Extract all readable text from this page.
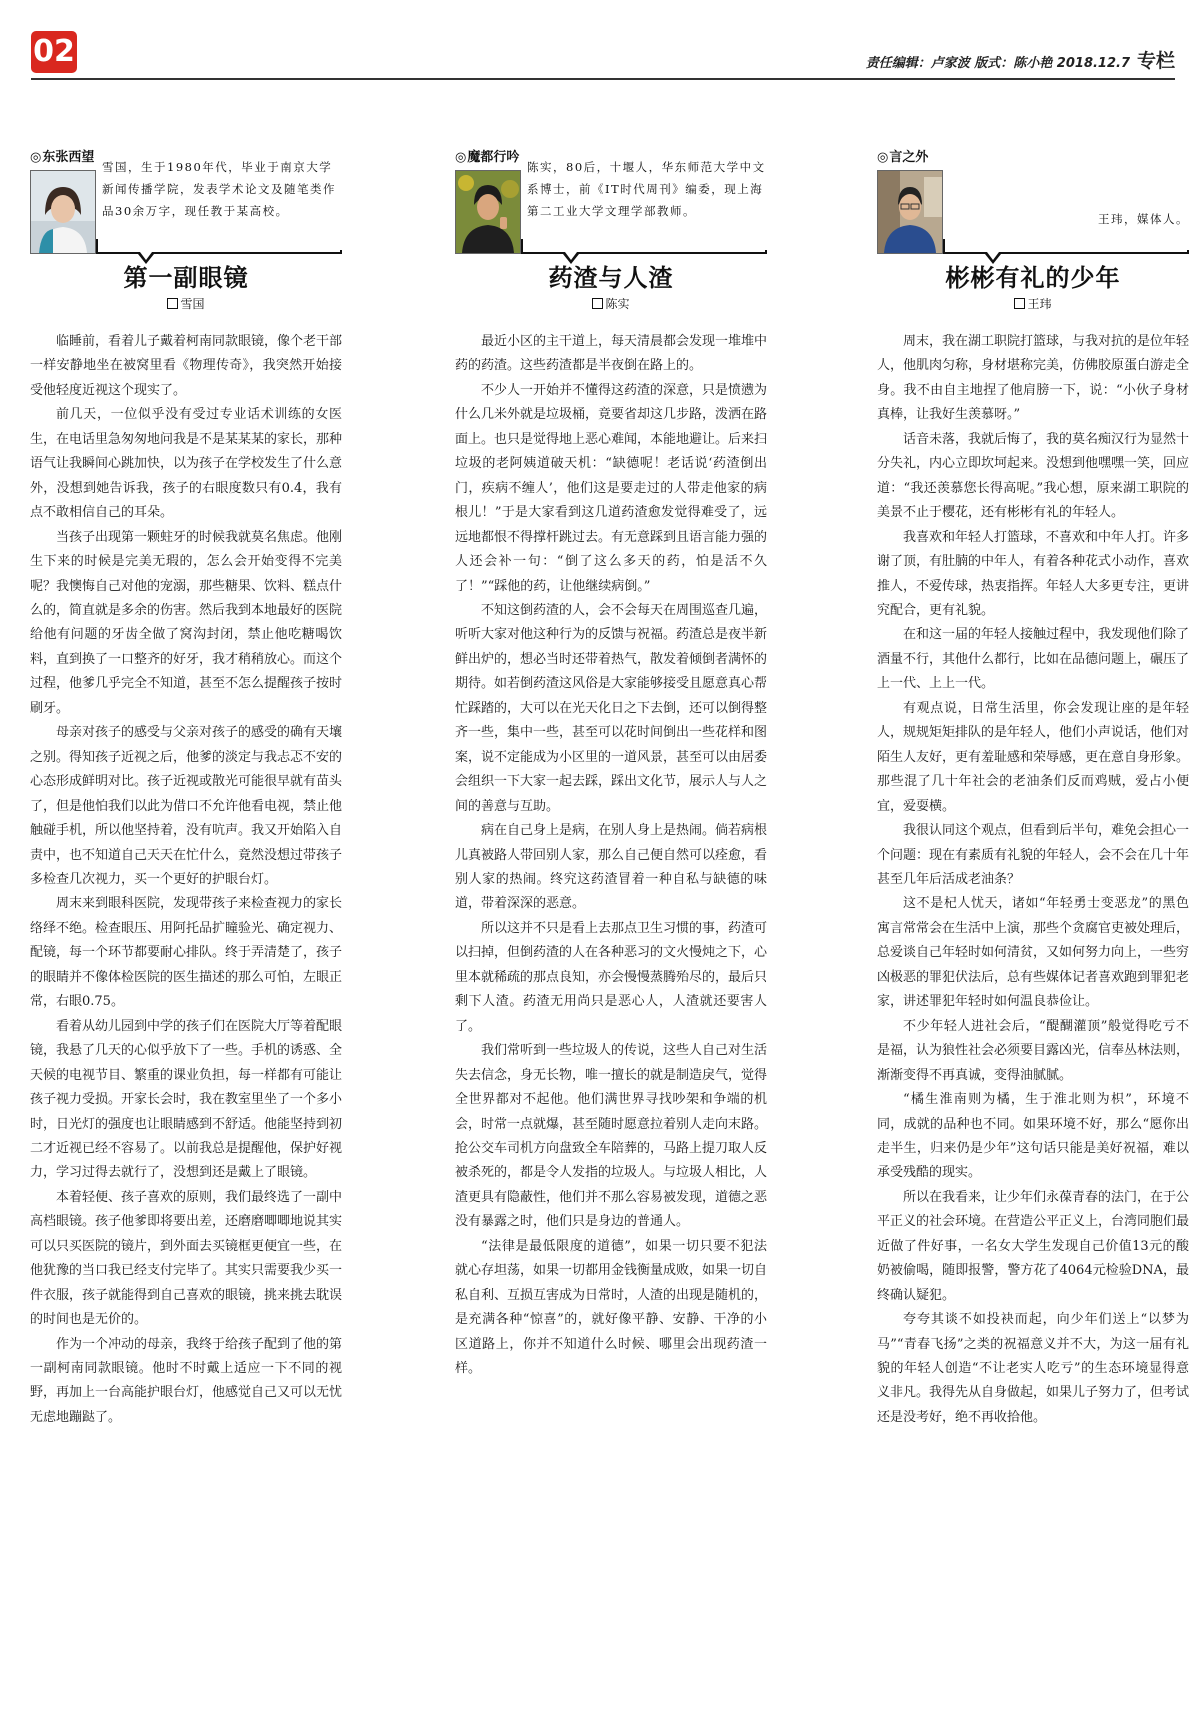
02	责任编辑：卢家波 版式：陈小艳 2018.12.7 专栏
◎东张西望
雪国，生于1980年代，毕业于南京大学新闻传播学院，发表学术论文及随笔类作品30余万字，现任教于某高校。
第一副眼镜
雪国

临睡前，看着儿子戴着柯南同款眼镜，像个老干部一样安静地坐在被窝里看《物理传奇》，我突然开始接受他轻度近视这个现实了。

前几天，一位似乎没有受过专业话术训练的女医生，在电话里急匆匆地问我是不是某某某的家长，那种语气让我瞬间心跳加快，以为孩子在学校发生了什么意外，没想到她告诉我，孩子的右眼度数只有0.4，我有点不敢相信自己的耳朵。

当孩子出现第一颗蛀牙的时候我就莫名焦虑。他刚生下来的时候是完美无瑕的，怎么会开始变得不完美呢？我懊悔自己对他的宠溺，那些糖果、饮料、糕点什么的，简直就是多余的伤害。然后我到本地最好的医院给他有问题的牙齿全做了窝沟封闭，禁止他吃糖喝饮料，直到换了一口整齐的好牙，我才稍稍放心。而这个过程，他爹几乎完全不知道，甚至不怎么提醒孩子按时刷牙。

母亲对孩子的感受与父亲对孩子的感受的确有天壤之别。得知孩子近视之后，他爹的淡定与我忐忑不安的心态形成鲜明对比。孩子近视或散光可能很早就有苗头了，但是他怕我们以此为借口不允许他看电视，禁止他触碰手机，所以他坚持着，没有吭声。我又开始陷入自责中，也不知道自己天天在忙什么，竟然没想过带孩子多检查几次视力，买一个更好的护眼台灯。

周末来到眼科医院，发现带孩子来检查视力的家长络绎不绝。检查眼压、用阿托品扩瞳验光、确定视力、配镜，每一个环节都要耐心排队。终于弄清楚了，孩子的眼睛并不像体检医院的医生描述的那么可怕，左眼正常，右眼0.75。

看着从幼儿园到中学的孩子们在医院大厅等着配眼镜，我悬了几天的心似乎放下了一些。手机的诱惑、全天候的电视节目、繁重的课业负担，每一样都有可能让孩子视力受损。开家长会时，我在教室里坐了一个多小时，日光灯的强度也让眼睛感到不舒适。他能坚持到初二才近视已经不容易了。以前我总是提醒他，保护好视力，学习过得去就行了，没想到还是戴上了眼镜。

本着轻便、孩子喜欢的原则，我们最终选了一副中高档眼镜。孩子他爹即将要出差，还磨磨唧唧地说其实可以只买医院的镜片，到外面去买镜框更便宜一些，在他犹豫的当口我已经支付完毕了。其实只需要我少买一件衣服，孩子就能得到自己喜欢的眼镜，挑来挑去耽误的时间也是无价的。

作为一个冲动的母亲，我终于给孩子配到了他的第一副柯南同款眼镜。他时不时戴上适应一下不同的视野，再加上一台高能护眼台灯，他感觉自己又可以无忧无虑地蹦跶了。

◎魔都行吟
陈实，80后，十堰人，华东师范大学中文系博士，前《IT时代周刊》编委，现上海第二工业大学文理学部教师。
药渣与人渣
陈实

最近小区的主干道上，每天清晨都会发现一堆堆中药的药渣。这些药渣都是半夜倒在路上的。

不少人一开始并不懂得这药渣的深意，只是愤懑为什么几米外就是垃圾桶，竟要省却这几步路，泼洒在路面上。也只是觉得地上恶心难闻，本能地避让。后来扫垃圾的老阿姨道破天机：“缺德呢！老话说‘药渣倒出门，疾病不缠人’，他们这是要走过的人带走他家的病根儿！”于是大家看到这几道药渣愈发觉得难受了，远远地都恨不得撑杆跳过去。有无意踩到且语言能力强的人还会补一句：“倒了这么多天的药，怕是活不久了！”“踩他的药，让他继续病倒。”

不知这倒药渣的人，会不会每天在周围巡查几遍，听听大家对他这种行为的反馈与祝福。药渣总是夜半新鲜出炉的，想必当时还带着热气，散发着倾倒者满怀的期待。如若倒药渣这风俗是大家能够接受且愿意真心帮忙踩踏的，大可以在光天化日之下去倒，还可以倒得整齐一些，集中一些，甚至可以花时间倒出一些花样和图案，说不定能成为小区里的一道风景，甚至可以由居委会组织一下大家一起去踩，踩出文化节，展示人与人之间的善意与互助。

病在自己身上是病，在别人身上是热闹。倘若病根儿真被路人带回别人家，那么自己便自然可以痊愈，看别人家的热闹。终究这药渣冒着一种自私与缺德的味道，带着深深的恶意。

所以这并不只是看上去那点卫生习惯的事，药渣可以扫掉，但倒药渣的人在各种恶习的文火慢炖之下，心里本就稀疏的那点良知，亦会慢慢蒸腾殆尽的，最后只剩下人渣。药渣无用尚只是恶心人，人渣就还要害人了。

我们常听到一些垃圾人的传说，这些人自己对生活失去信念，身无长物，唯一擅长的就是制造戾气，觉得全世界都对不起他。他们满世界寻找吵架和争端的机会，时常一点就爆，甚至随时愿意拉着别人走向末路。抢公交车司机方向盘致全车陪葬的，马路上提刀取人反被杀死的，都是令人发指的垃圾人。与垃圾人相比，人渣更具有隐蔽性，他们并不那么容易被发现，道德之恶没有暴露之时，他们只是身边的普通人。

“法律是最低限度的道德”，如果一切只要不犯法就心存坦荡，如果一切都用金钱衡量成败，如果一切自私自利、互损互害成为日常时，人渣的出现是随机的，是充满各种“惊喜”的，就好像平静、安静、干净的小区道路上，你并不知道什么时候、哪里会出现药渣一样。

◎言之外
王玮，媒体人。
彬彬有礼的少年
王玮

周末，我在湖工职院打篮球，与我对抗的是位年轻人，他肌肉匀称，身材堪称完美，仿佛胶原蛋白游走全身。我不由自主地捏了他肩膀一下，说：“小伙子身材真棒，让我好生羡慕呀。”

话音未落，我就后悔了，我的莫名痴汉行为显然十分失礼，内心立即坎坷起来。没想到他嘿嘿一笑，回应道：“我还羡慕您长得高呢。”我心想，原来湖工职院的美景不止于樱花，还有彬彬有礼的年轻人。

我喜欢和年轻人打篮球，不喜欢和中年人打。许多谢了顶，有肚腩的中年人，有着各种花式小动作，喜欢推人，不爱传球，热衷指挥。年轻人大多更专注，更讲究配合，更有礼貌。

在和这一届的年轻人接触过程中，我发现他们除了酒量不行，其他什么都行，比如在品德问题上，碾压了上一代、上上一代。

有观点说，日常生活里，你会发现让座的是年轻人，规规矩矩排队的是年轻人，他们小声说话，他们对陌生人友好，更有羞耻感和荣辱感，更在意自身形象。那些混了几十年社会的老油条们反而鸡贼，爱占小便宜，爱耍横。

我很认同这个观点，但看到后半句，难免会担心一个问题：现在有素质有礼貌的年轻人，会不会在几十年甚至几年后活成老油条？

这不是杞人忧天，诸如“年轻勇士变恶龙”的黑色寓言常常会在生活中上演，那些个贪腐官吏被处理后，总爱谈自己年轻时如何清贫，又如何努力向上，一些穷凶极恶的罪犯伏法后，总有些媒体记者喜欢跑到罪犯老家，讲述罪犯年轻时如何温良恭俭让。

不少年轻人进社会后，“醍醐灌顶”般觉得吃亏不是福，认为狼性社会必须要目露凶光，信奉丛林法则，渐渐变得不再真诚，变得油腻腻。

“橘生淮南则为橘，生于淮北则为枳”，环境不同，成就的品种也不同。如果环境不好，那么“愿你出走半生，归来仍是少年”这句话只能是美好祝福，难以承受残酷的现实。

所以在我看来，让少年们永葆青春的法门，在于公平正义的社会环境。在营造公平正义上，台湾同胞们最近做了件好事，一名女大学生发现自己价值13元的酸奶被偷喝，随即报警，警方花了4064元检验DNA，最终确认疑犯。

夸夸其谈不如投袂而起，向少年们送上“以梦为马”“青春飞扬”之类的祝福意义并不大，为这一届有礼貌的年轻人创造“不让老实人吃亏”的生态环境显得意义非凡。我得先从自身做起，如果儿子努力了，但考试还是没考好，绝不再收拾他。
